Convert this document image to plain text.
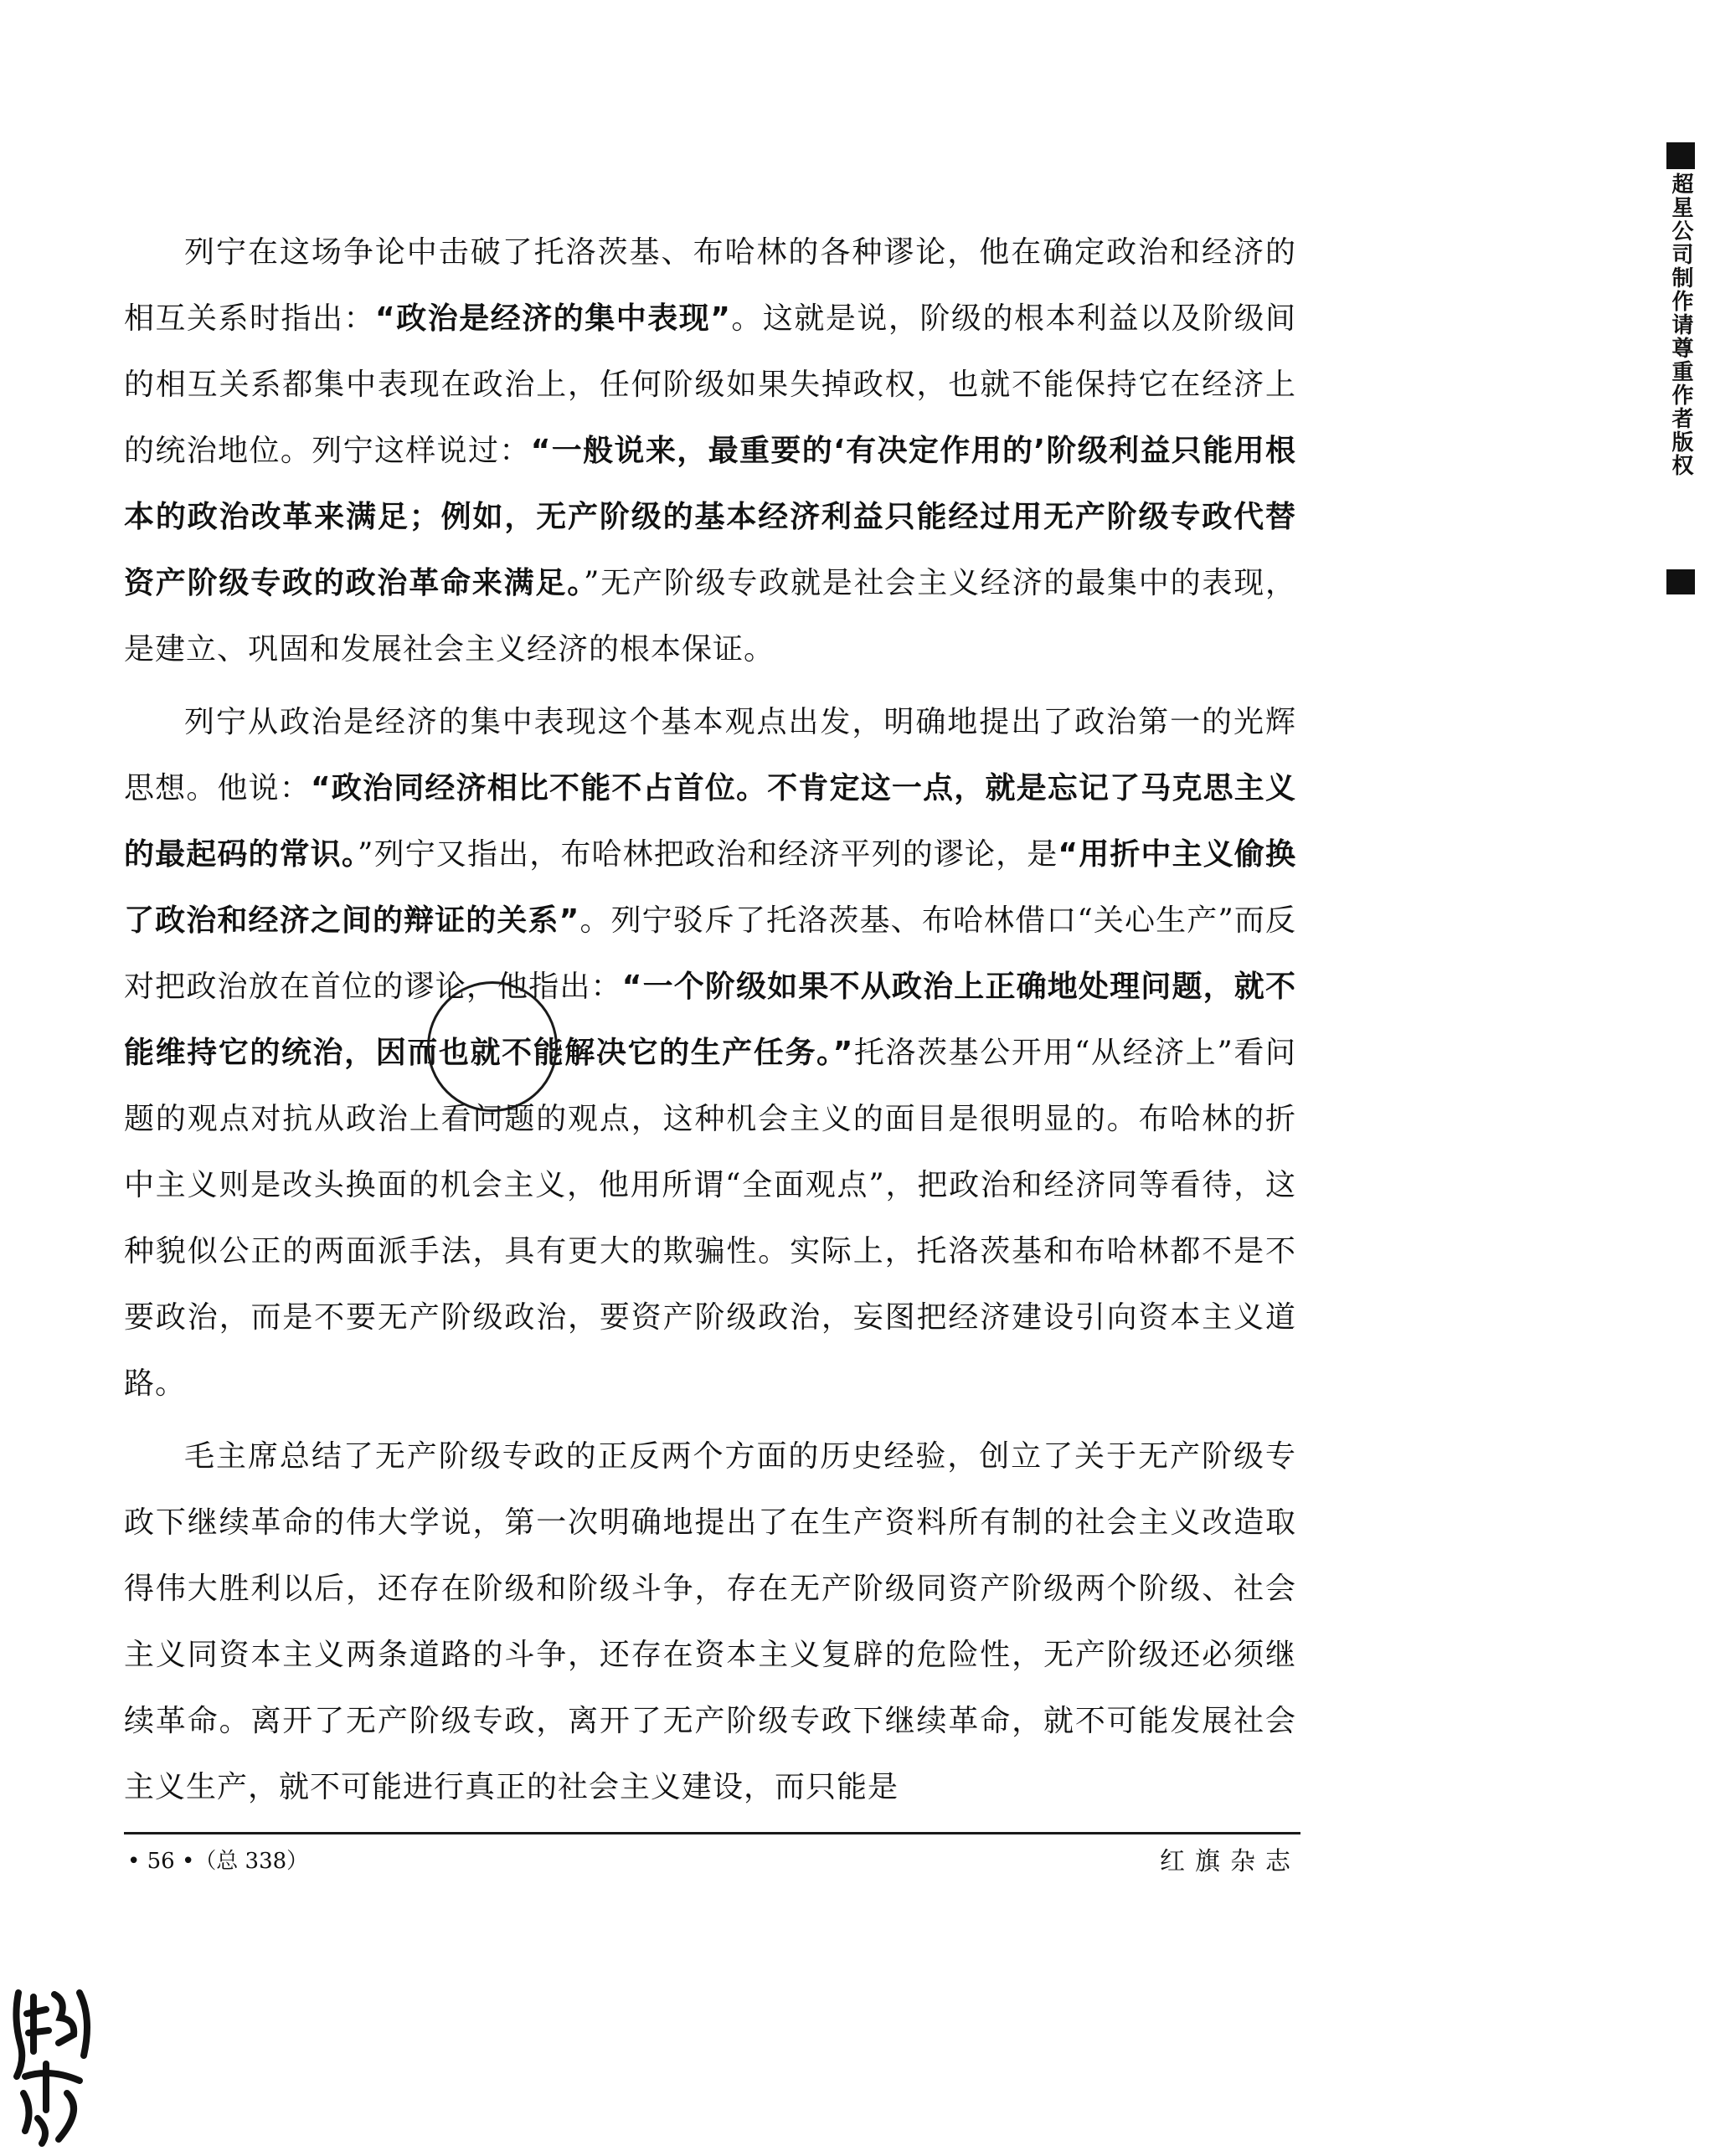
列宁在这场争论中击破了托洛茨基、布哈林的各种谬论，他在确定政治和经济的相互关系时指出：“政治是经济的集中表现”。这就是说，阶级的根本利益以及阶级间的相互关系都集中表现在政治上，任何阶级如果失掉政权，也就不能保持它在经济上的统治地位。列宁这样说过：“一般说来，最重要的‘有决定作用的’阶级利益只能用根本的政治改革来满足；例如，无产阶级的基本经济利益只能经过用无产阶级专政代替资产阶级专政的政治革命来满足。”无产阶级专政就是社会主义经济的最集中的表现，是建立、巩固和发展社会主义经济的根本保证。

列宁从政治是经济的集中表现这个基本观点出发，明确地提出了政治第一的光辉思想。他说：“政治同经济相比不能不占首位。不肯定这一点，就是忘记了马克思主义的最起码的常识。”列宁又指出，布哈林把政治和经济平列的谬论，是“用折中主义偷换了政治和经济之间的辩证的关系”。列宁驳斥了托洛茨基、布哈林借口“关心生产”而反对把政治放在首位的谬论，他指出：“一个阶级如果不从政治上正确地处理问题，就不能维持它的统治，因而也就不能解决它的生产任务。”托洛茨基公开用“从经济上”看问题的观点对抗从政治上看问题的观点，这种机会主义的面目是很明显的。布哈林的折中主义则是改头换面的机会主义，他用所谓“全面观点”，把政治和经济同等看待，这种貌似公正的两面派手法，具有更大的欺骗性。实际上，托洛茨基和布哈林都不是不要政治，而是不要无产阶级政治，要资产阶级政治，妄图把经济建设引向资本主义道路。

毛主席总结了无产阶级专政的正反两个方面的历史经验，创立了关于无产阶级专政下继续革命的伟大学说，第一次明确地提出了在生产资料所有制的社会主义改造取得伟大胜利以后，还存在阶级和阶级斗争，存在无产阶级同资产阶级两个阶级、社会主义同资本主义两条道路的斗争，还存在资本主义复辟的危险性，无产阶级还必须继续革命。离开了无产阶级专政，离开了无产阶级专政下继续革命，就不可能发展社会主义生产，就不可能进行真正的社会主义建设，而只能是

• 56 •（总 338）	红旗杂志
超星公司制作请尊重作者版权
